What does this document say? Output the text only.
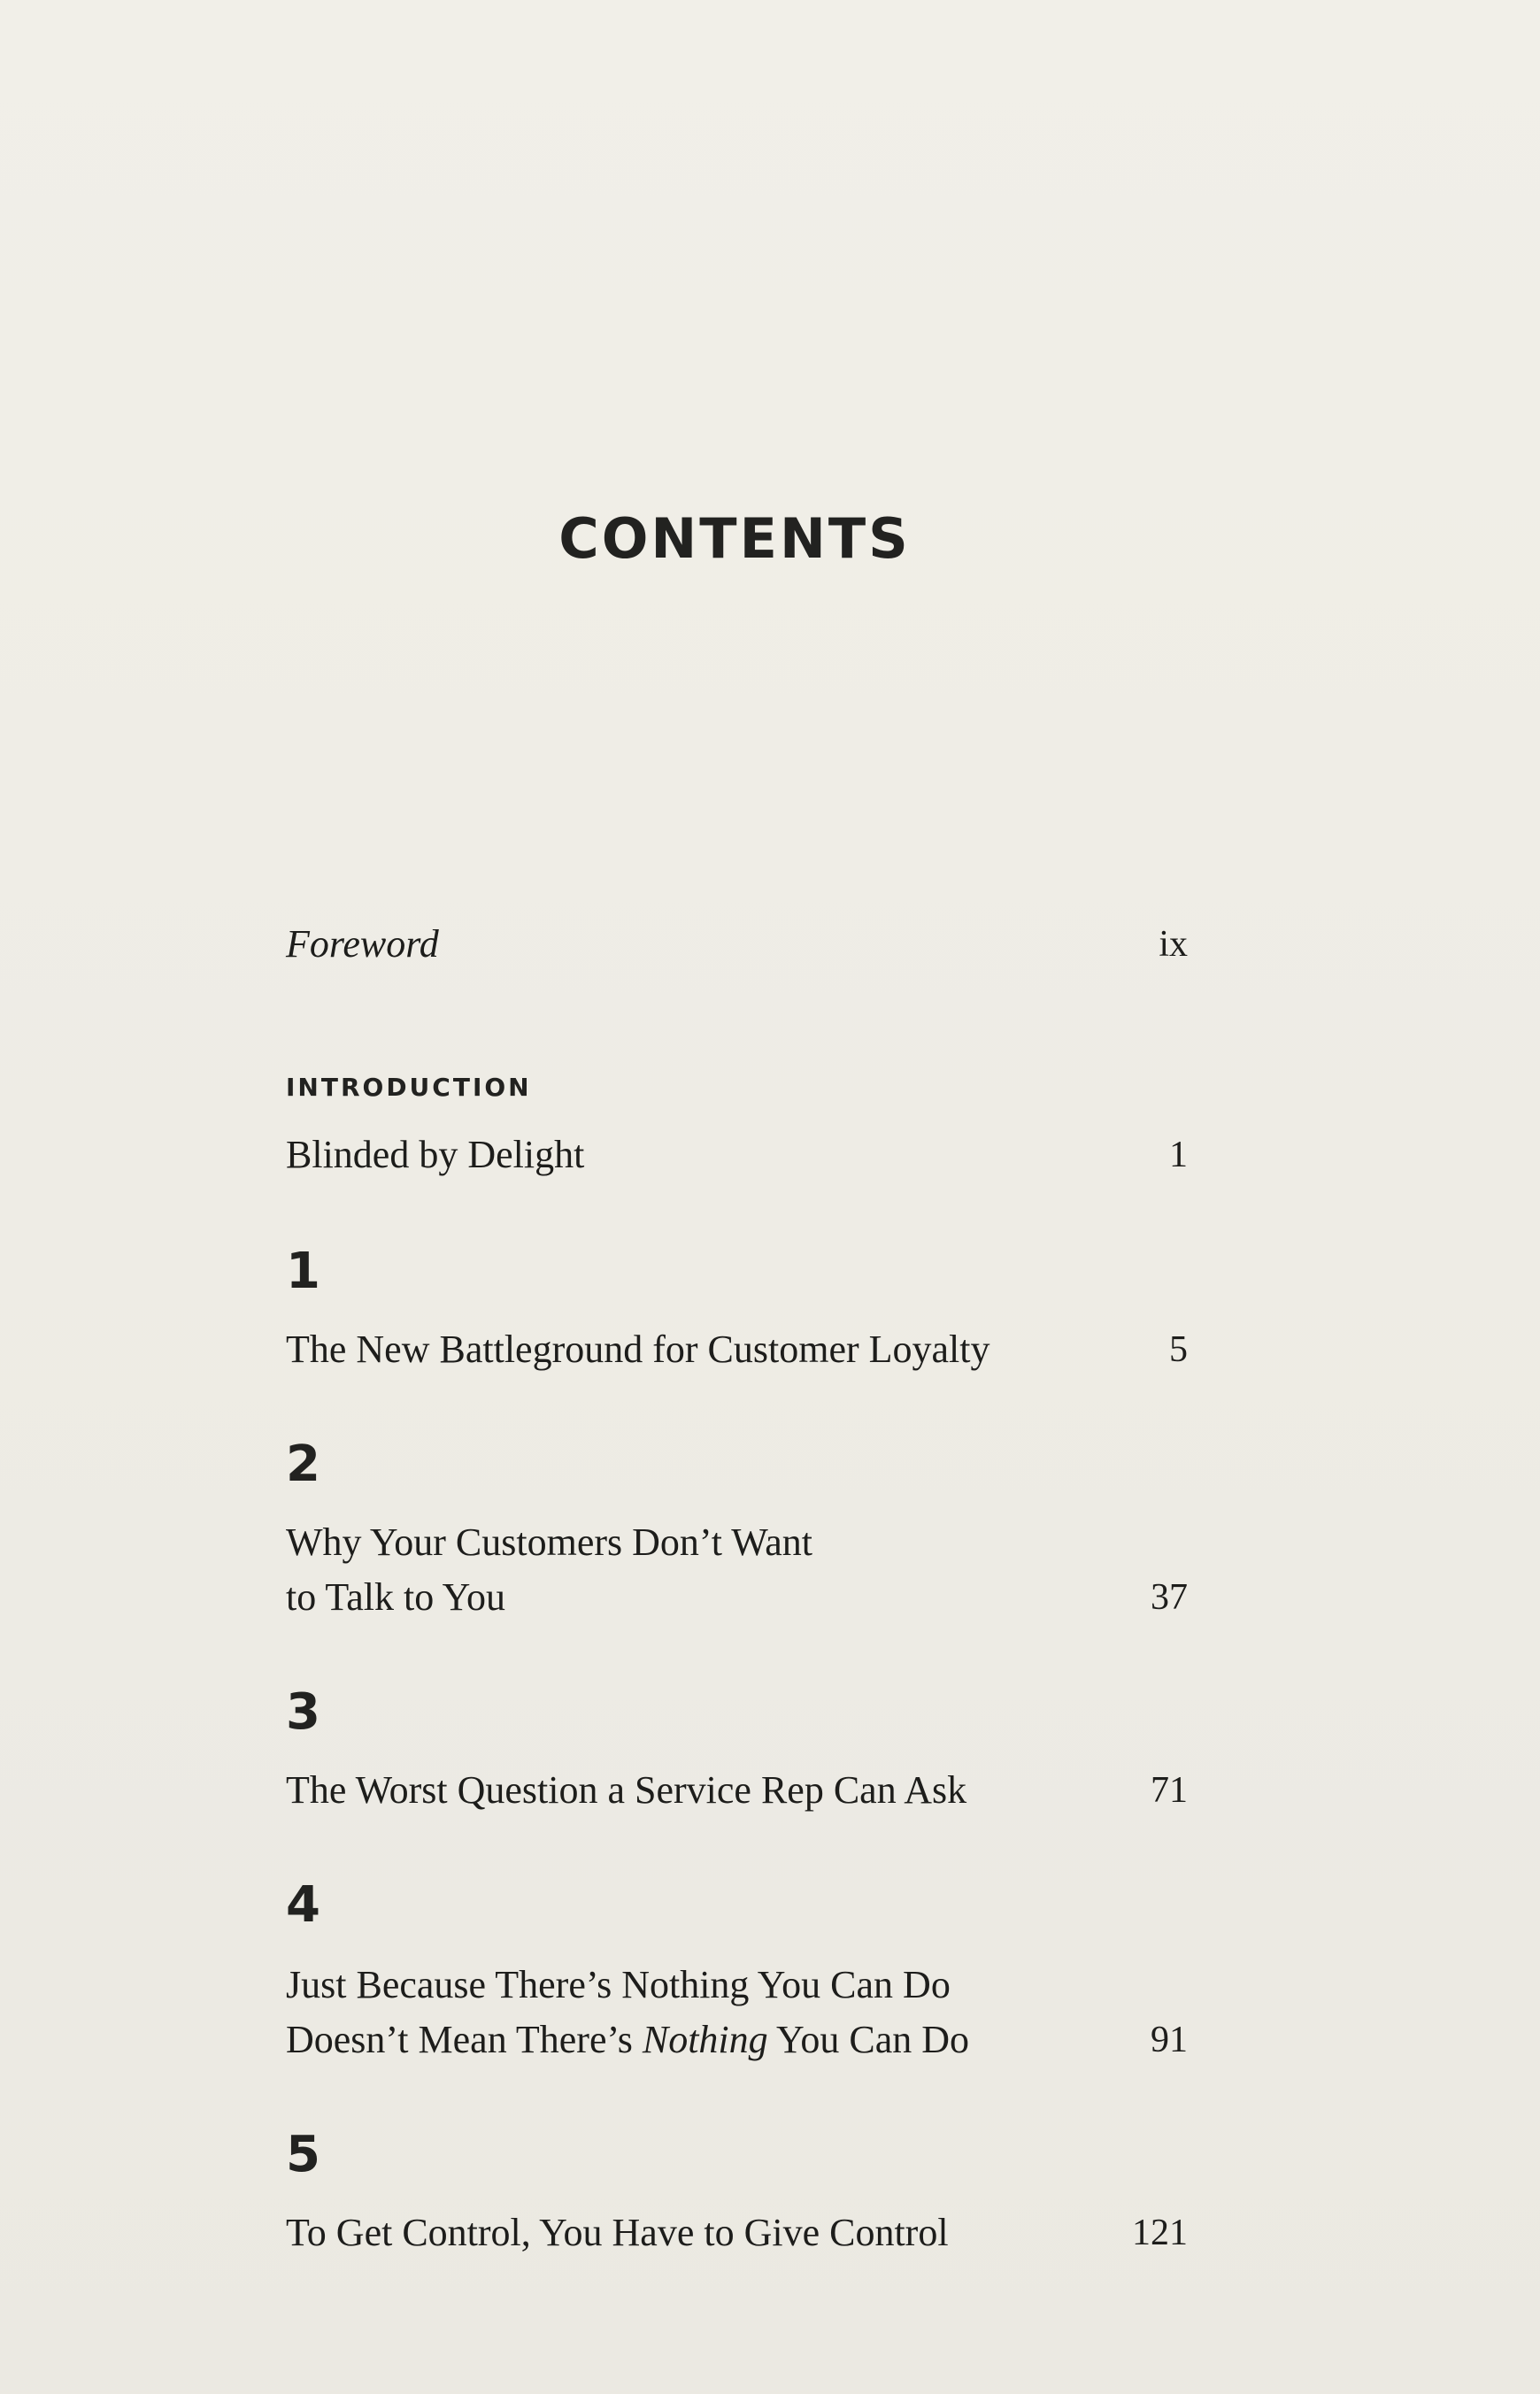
CONTENTS
Foreword	ix
INTRODUCTION
Blinded by Delight	1
1
The New Battleground for Customer Loyalty	5
2
Why Your Customers Don’t Want
to Talk to You	37
3
The Worst Question a Service Rep Can Ask	71
4
Just Because There’s Nothing You Can Do
Doesn’t Mean There’s Nothing You Can Do	91
5
To Get Control, You Have to Give Control	121
